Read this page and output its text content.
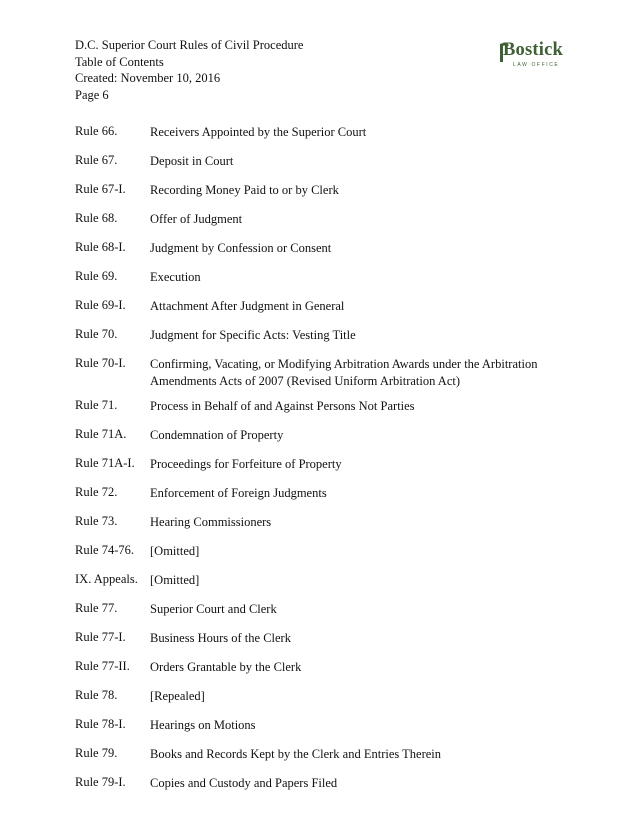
D.C. Superior Court Rules of Civil Procedure
Table of Contents
Created: November 10, 2016
Page 6
Bostick
LAW OFFICE
Rule 66.	Receivers Appointed by the Superior Court
Rule 67.	Deposit in Court
Rule 67-I. Recording Money Paid to or by Clerk
Rule 68.	Offer of Judgment
Rule 68-I. Judgment by Confession or Consent
Rule 69.	Execution
Rule 69-I. Attachment After Judgment in General
Rule 70.	Judgment for Specific Acts: Vesting Title
Rule 70-I. Confirming, Vacating, or Modifying Arbitration Awards under the Arbitration
Amendments Acts of 2007 (Revised Uniform Arbitration Act)
Rule 71.	Process in Behalf of and Against Persons Not Parties
Rule 71A. Condemnation of Property
Rule 71A-I. Proceedings for Forfeiture of Property
Rule 72.	Enforcement of Foreign Judgments
Rule 73.	Hearing Commissioners
Rule 74-76. [Omitted]
IX. Appeals. [Omitted]
Rule 77.	Superior Court and Clerk
Rule 77-I. Business Hours of the Clerk
Rule 77-II. Orders Grantable by the Clerk
Rule 78.	[Repealed]
Rule 78-I. Hearings on Motions
Rule 79.	Books and Records Kept by the Clerk and Entries Therein
Rule 79-I. Copies and Custody and Papers Filed
